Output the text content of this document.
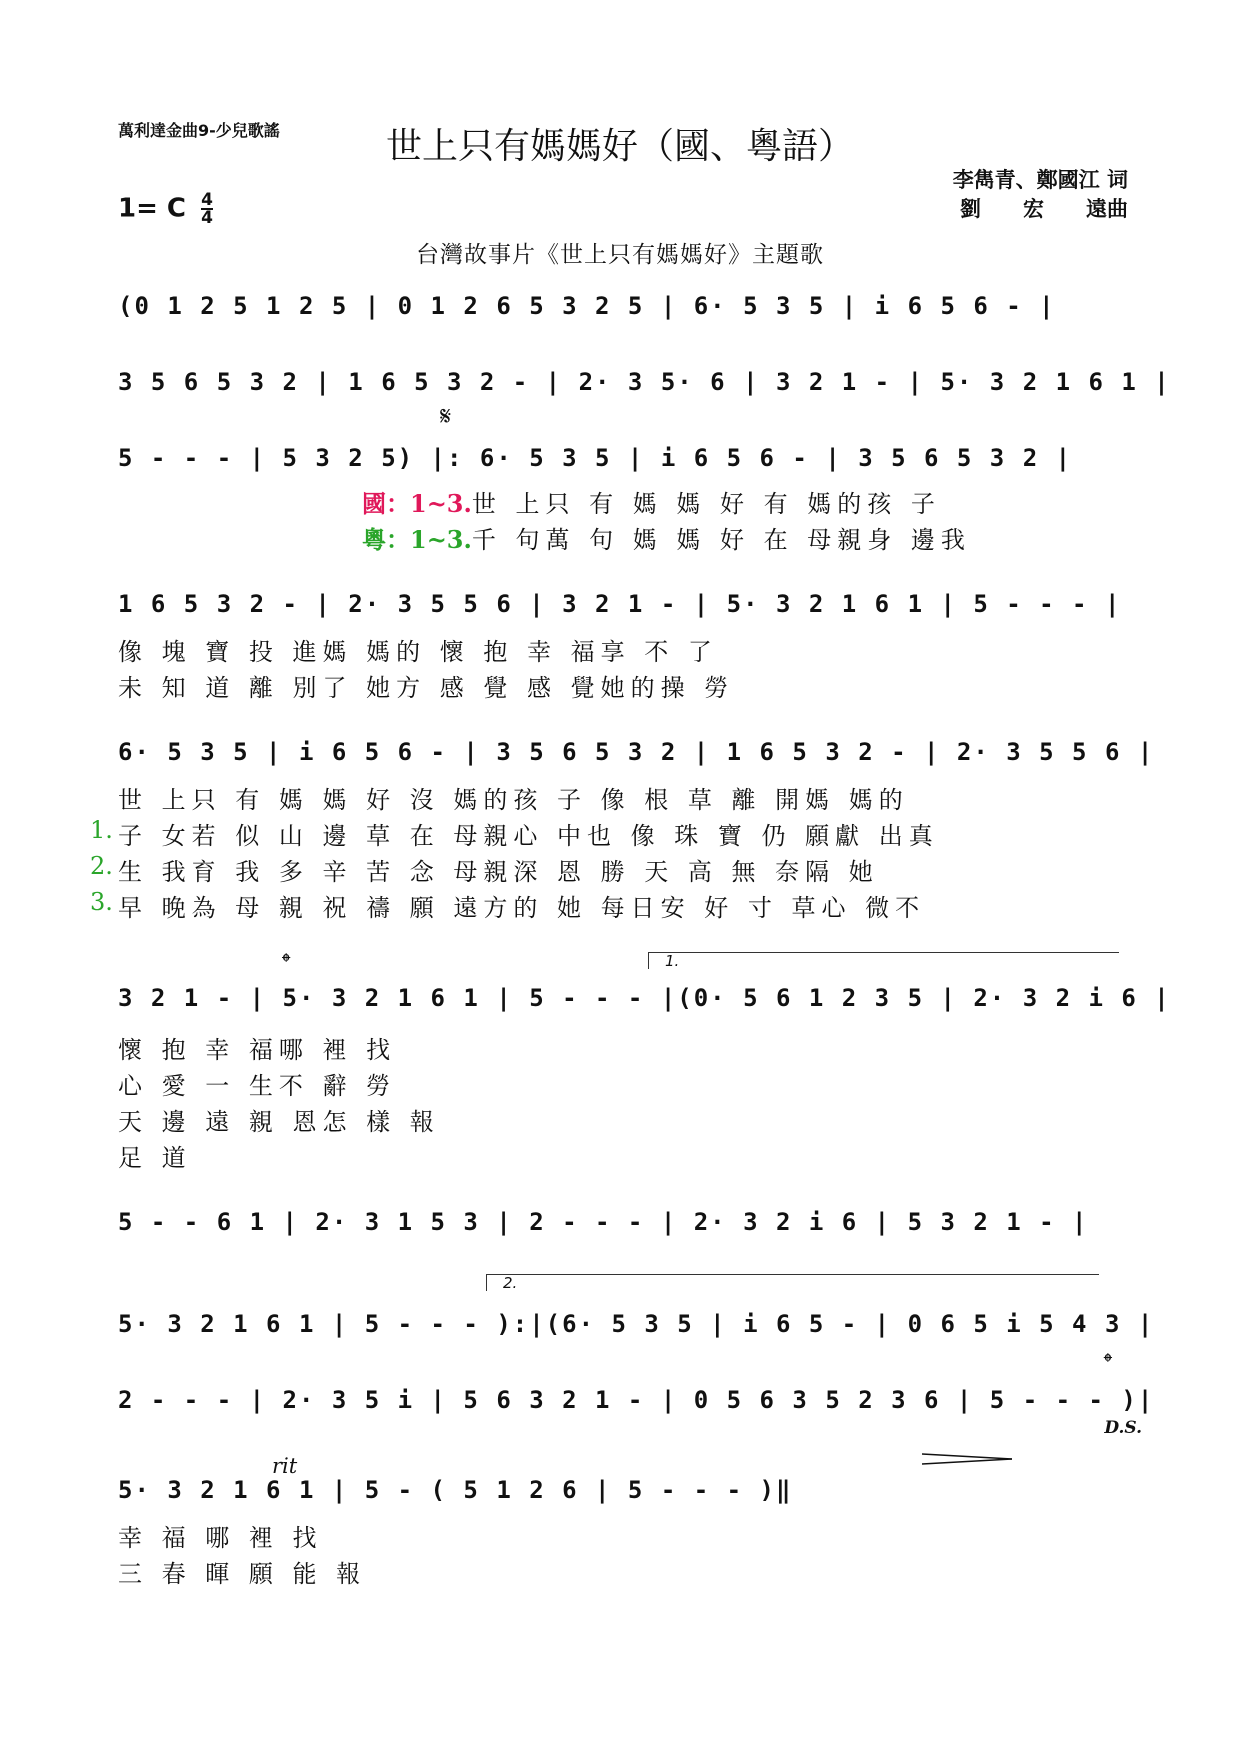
萬利達金曲9-少兒歌謠	世上只有媽媽好（國、粵語）
李雋青、鄭國江 词
劉　　宏　　遠曲
1= C $\frac{4}{4}$
台灣故事片《世上只有媽媽好》主題歌
(0 1 2 5 1 2 5 | 0 1 2 6 5 3 2 5 | 6· 5 3 5 | i 6 5 6 - |
3 5 6 5 3 2 | 1 6 5 3 2 - | 2· 3 5· 6 | 3 2 1 - | 5· 3 2 1 6 1 |
𝄋
5 - - - | 5 3 2 5) |: 6· 5 3 5 | i 6 5 6 - | 3 5 6 5 3 2 |
國：1~3.世 上只 有 媽 媽 好 有 媽的孩 子
粵：1~3.千 句萬 句 媽 媽 好 在 母親身 邊我
1 6 5 3 2 - | 2· 3 5 5 6 | 3 2 1 - | 5· 3 2 1 6 1 | 5 - - - |
像 塊 寶 投 進媽 媽的 懷 抱 幸 福享 不 了
未 知 道 離 別了 她方 感 覺 感 覺她的操 勞
6· 5 3 5 | i 6 5 6 - | 3 5 6 5 3 2 | 1 6 5 3 2 - | 2· 3 5 5 6 |
世 上只 有 媽 媽 好 沒 媽的孩 子 像 根 草 離 開媽 媽的
1. 子 女若 似 山 邊 草 在 母親心 中也 像 珠 寶 仍 願獻 出真
2. 生 我育 我 多 辛 苦 念 母親深 恩 勝 天 高 無 奈隔 她
3. 早 晚為 母 親 祝 禱 願 遠方的 她 每日安 好 寸 草心 微不
𝄌	1.
3 2 1 - | 5· 3 2 1 6 1 | 5 - - - |(0· 5 6 1 2 3 5 | 2· 3 2 i 6 |
懷 抱 幸 福哪 裡 找
心 愛 一 生不 辭 勞
天 邊 遠 親 恩怎 樣 報
足 道
5 - - 6 1 | 2· 3 1 5 3 | 2 - - - | 2· 3 2 i 6 | 5 3 2 1 - |
2.
5· 3 2 1 6 1 | 5 - - - ):|(6· 5 3 5 | i 6 5 - | 0 6 5 i 5 4 3 |
𝄌
2 - - - | 2· 3 5 i | 5 6 3 2 1 - | 0 5 6 3 5 2 3 6 | 5 - - - )|
D.S.
rit
5· 3 2 1 6 1 | 5 - ( 5 1 2 6 | 5 - - - )‖
幸 福 哪 裡 找
三 春 暉 願 能 報
